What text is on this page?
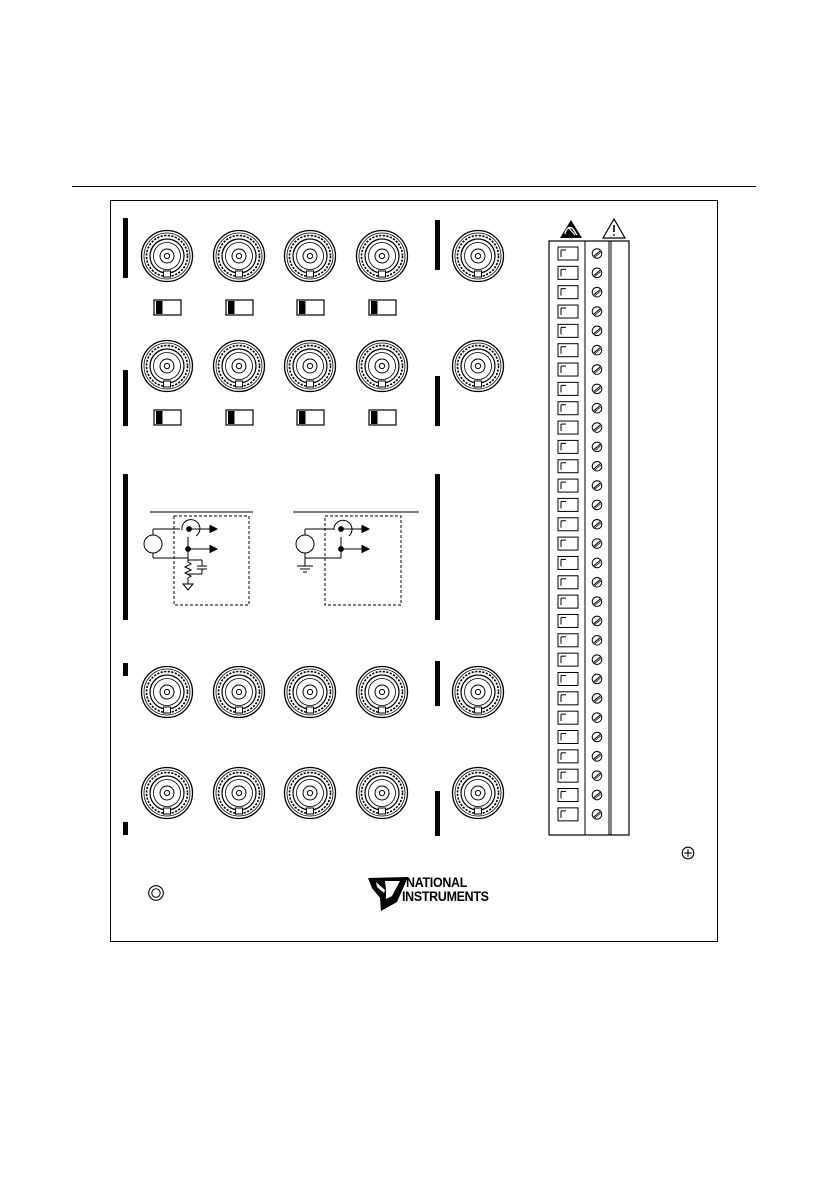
NATIONAL
INSTRUMENTS
